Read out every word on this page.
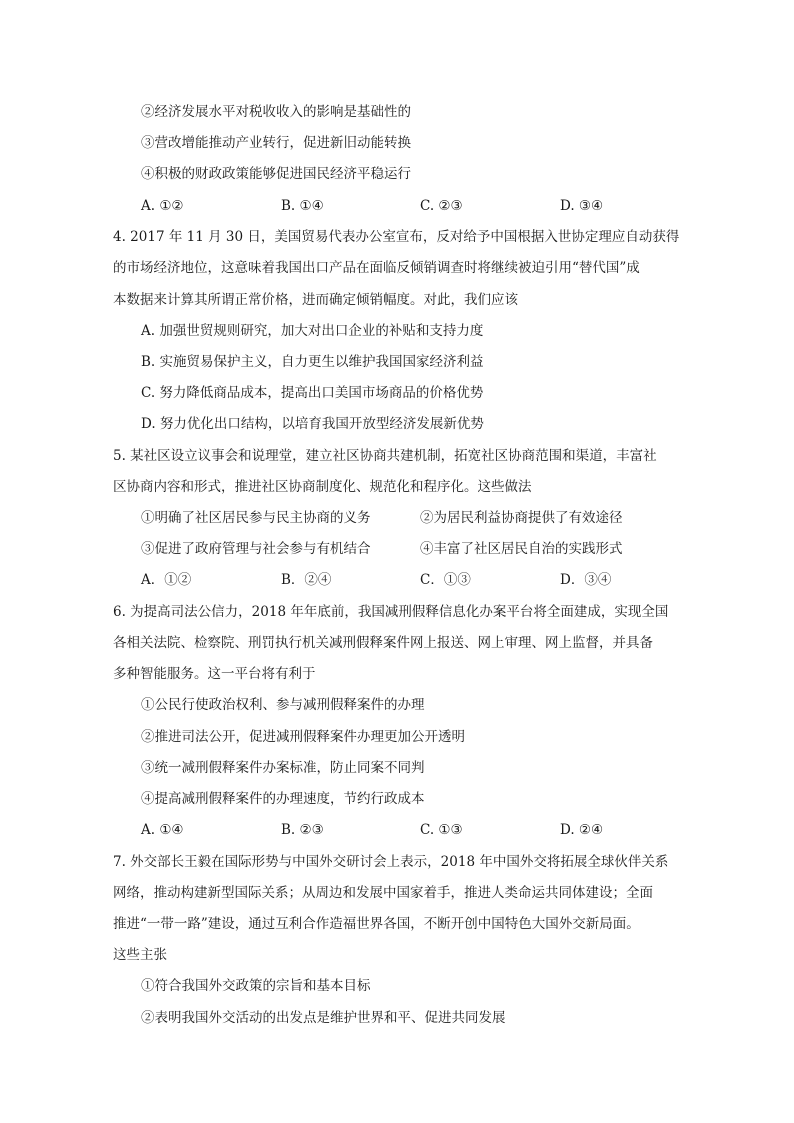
②经济发展水平对税收收入的影响是基础性的
③营改增能推动产业转行，促进新旧动能转换
④积极的财政政策能够促进国民经济平稳运行
A. ①②	B. ①④	C. ②③	D. ③④
4. 2017 年 11 月 30 日，美国贸易代表办公室宣布，反对给予中国根据入世协定理应自动获得
的市场经济地位，这意味着我国出口产品在面临反倾销调查时将继续被迫引用“替代国”成
本数据来计算其所谓正常价格，进而确定倾销幅度。对此，我们应该
A. 加强世贸规则研究，加大对出口企业的补贴和支持力度
B. 实施贸易保护主义，自力更生以维护我国国家经济利益
C. 努力降低商品成本，提高出口美国市场商品的价格优势
D. 努力优化出口结构，以培育我国开放型经济发展新优势
5. 某社区设立议事会和说理堂，建立社区协商共建机制，拓宽社区协商范围和渠道，丰富社
区协商内容和形式，推进社区协商制度化、规范化和程序化。这些做法
①明确了社区居民参与民主协商的义务	②为居民利益协商提供了有效途径
③促进了政府管理与社会参与有机结合	④丰富了社区居民自治的实践形式
A．①②	B．②④	C．①③	D．③④
6. 为提高司法公信力，2018 年年底前，我国减刑假释信息化办案平台将全面建成，实现全国
各相关法院、检察院、刑罚执行机关减刑假释案件网上报送、网上审理、网上监督，并具备
多种智能服务。这一平台将有利于
①公民行使政治权利、参与减刑假释案件的办理
②推进司法公开，促进减刑假释案件办理更加公开透明
③统一减刑假释案件办案标准，防止同案不同判
④提高减刑假释案件的办理速度，节约行政成本
A. ①④	B. ②③	C. ①③	D. ②④
7. 外交部长王毅在国际形势与中国外交研讨会上表示，2018 年中国外交将拓展全球伙伴关系
网络，推动构建新型国际关系；从周边和发展中国家着手，推进人类命运共同体建设；全面
推进“一带一路”建设，通过互利合作造福世界各国，不断开创中国特色大国外交新局面。
这些主张
①符合我国外交政策的宗旨和基本目标
②表明我国外交活动的出发点是维护世界和平、促进共同发展
